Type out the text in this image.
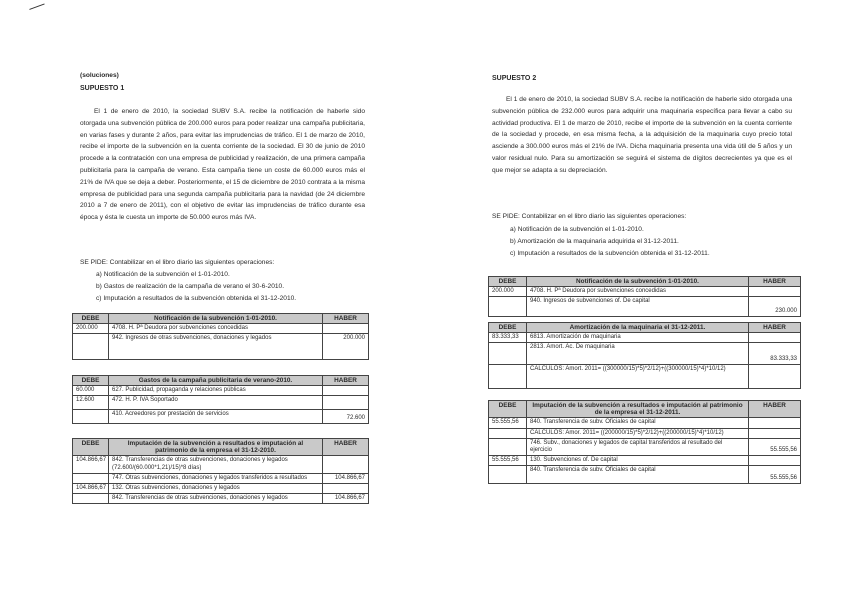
(soluciones)
SUPUESTO 1
El 1 de enero de 2010, la sociedad SUBV S.A. recibe la notificación de haberle sido otorgada una subvención pública de 200.000 euros para poder realizar una campaña publicitaria, en varias fases y durante 2 años, para evitar las imprudencias de tráfico. El 1 de marzo de 2010, recibe el importe de la subvención en la cuenta corriente de la sociedad. El 30 de junio de 2010 procede a la contratación con una empresa de publicidad y realización, de una primera campaña publicitaria para la campaña de verano. Esta campaña tiene un coste de 60.000 euros más el 21% de IVA que se deja a deber. Posteriormente, el 15 de diciembre de 2010 contrata a la misma empresa de publicidad para una segunda campaña publicitaria para la navidad (de 24 diciembre 2010 a 7 de enero de 2011), con el objetivo de evitar las imprudencias de tráfico durante esa época y ésta le cuesta un importe de 50.000 euros más IVA.
SE PIDE: Contabilizar en el libro diario las siguientes operaciones:
a) Notificación de la subvención el 1-01-2010.
b) Gastos de realización de la campaña de verano el 30-6-2010.
c) Imputación a resultados de la subvención obtenida el 31-12-2010.
DEBE	Notificación de la subvención 1-01-2010.	HABER
200.000	4708. H. Pª Deudora por subvenciones concedidas	
	942. Ingresos de otras subvenciones, donaciones y legados	200.000
DEBE	Gastos de la campaña publicitaria de verano-2010.	HABER
60.000	627. Publicidad, propaganda y relaciones públicas	
12.600	472. H. P. IVA Soportado	
	410. Acreedores por prestación de servicios	72.600
DEBE	Imputación de la subvención a resultados e imputación al patrimonio de la empresa el 31-12-2010.	HABER
104.866,67	842. Transferencias de otras subvenciones, donaciones y legados (72.600/(60.000*1,21)/15)*8 días)	
	747. Otras subvenciones, donaciones y legados transferidos a resultados	104.866,67
104.866,67	132. Otras subvenciones, donaciones y legados	
	842. Transferencias de otras subvenciones, donaciones y legados	104.866,67
SUPUESTO 2
El 1 de enero de 2010, la sociedad SUBV S.A. recibe la notificación de haberle sido otorgada una subvención pública de 232.000 euros para adquirir una maquinaria específica para llevar a cabo su actividad productiva. El 1 de marzo de 2010, recibe el importe de la subvención en la cuenta corriente de la sociedad y procede, en esa misma fecha, a la adquisición de la maquinaria cuyo precio total asciende a 300.000 euros más el 21% de IVA. Dicha maquinaria presenta una vida útil de 5 años y un valor residual nulo. Para su amortización se seguirá el sistema de dígitos decrecientes ya que es el que mejor se adapta a su depreciación.
SE PIDE: Contabilizar en el libro diario las siguientes operaciones:
a) Notificación de la subvención el 1-01-2010.
b) Amortización de la maquinaria adquirida el 31-12-2011.
c) Imputación a resultados de la subvención obtenida el 31-12-2011.
DEBE	Notificación de la subvención 1-01-2010.	HABER
200.000	4708. H. Pª Deudora por subvenciones concedidas	
	940. Ingresos de subvenciones of. De capital	230.000
DEBE	Amortización de la maquinaria el 31-12-2011.	HABER
83.333,33	6813. Amortización de maquinaria	
	2813. Amort. Ac. De maquinaria	83.333,33
	CALCULOS: Amort. 2011= ((300000/15)*5)*2/12)+((300000/15)*4)*10/12)	
DEBE	Imputación de la subvención a resultados e imputación al patrimonio de la empresa el 31-12-2011.	HABER
55.555,56	840. Transferencia de subv. Oficiales de capital	
	CALCULOS: Amor. 2011= ((200000/15)*5)*2/12)+((200000/15)*4)*10/12)	
	746. Subv., donaciones y legados de capital transferidos al resultado del ejercicio	55.555,56
55.555,56	130. Subvenciones of. De capital	
	840. Transferencia de subv. Oficiales de capital	55.555,56
